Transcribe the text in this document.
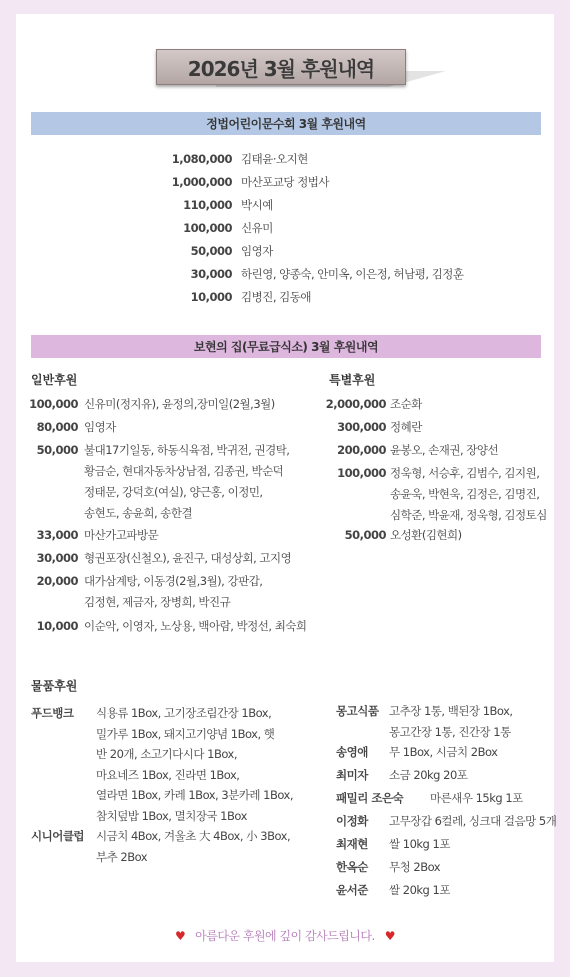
2026년 3월 후원내역
정법어린이문수회 3월 후원내역
1,080,000 김태윤·오지현
1,000,000 마산포교당 정법사
110,000 박시예
100,000 신유미
50,000 임영자
30,000 하린영, 양종숙, 안미옥, 이은정, 허남평, 김정훈
10,000 김병진, 김동애
보현의 집(무료급식소) 3월 후원내역
일반후원	특별후원
100,000 신유미(정지유), 윤정의,장미일(2월,3월)
80,000 임영자
50,000 불대17기일동, 하동식육점, 박귀전, 권경탁,
황금순, 현대자동차상남점, 김종권, 박순덕
정태문, 강덕호(여실), 양근홍, 이정민,
송현도, 송윤희, 송한결
33,000 마산가고파방문
30,000 형권포장(신철오), 윤진구, 대성상회, 고지영
20,000 대가삼계탕, 이동경(2월,3월), 강판갑,
김정현, 제금자, 장병희, 박진규
10,000 이순악, 이영자, 노상용, 백아람, 박정선, 최숙희
2,000,000 조순화
300,000 정혜란
200,000 윤봉오, 손재권, 장양선
100,000 정욱형, 서승후, 김범수, 김지원,
송윤욱, 박현욱, 김정은, 김명진,
심학준, 박윤재, 정욱형, 김정토심
50,000 오성환(김현희)
물품후원
푸드뱅크	식용류 1Box, 고기장조림간장 1Box,
밀가루 1Box, 돼지고기양념 1Box, 햇
반 20개, 소고기다시다 1Box,
마요네즈 1Box, 진라면 1Box,
열라면 1Box, 카레 1Box, 3분카레 1Box,
참치덮밥 1Box, 멸치장국 1Box
시니어클럽	시금치 4Box, 겨울초 大 4Box, 小 3Box,
부추 2Box
몽고식품 고추장 1통, 백된장 1Box,
몽고간장 1통, 진간장 1통
송영애	무 1Box, 시금치 2Box
최미자	소금 20kg 20포
패밀리 조은숙	마른새우 15kg 1포
이정화	고무장갑 6컬레, 싱크대 걸음망 5개
최재현	쌀 10kg 1포
한옥순	무청 2Box
윤서준	쌀 20kg 1포
♥ 아름다운 후원에 깊이 감사드립니다. ♥
